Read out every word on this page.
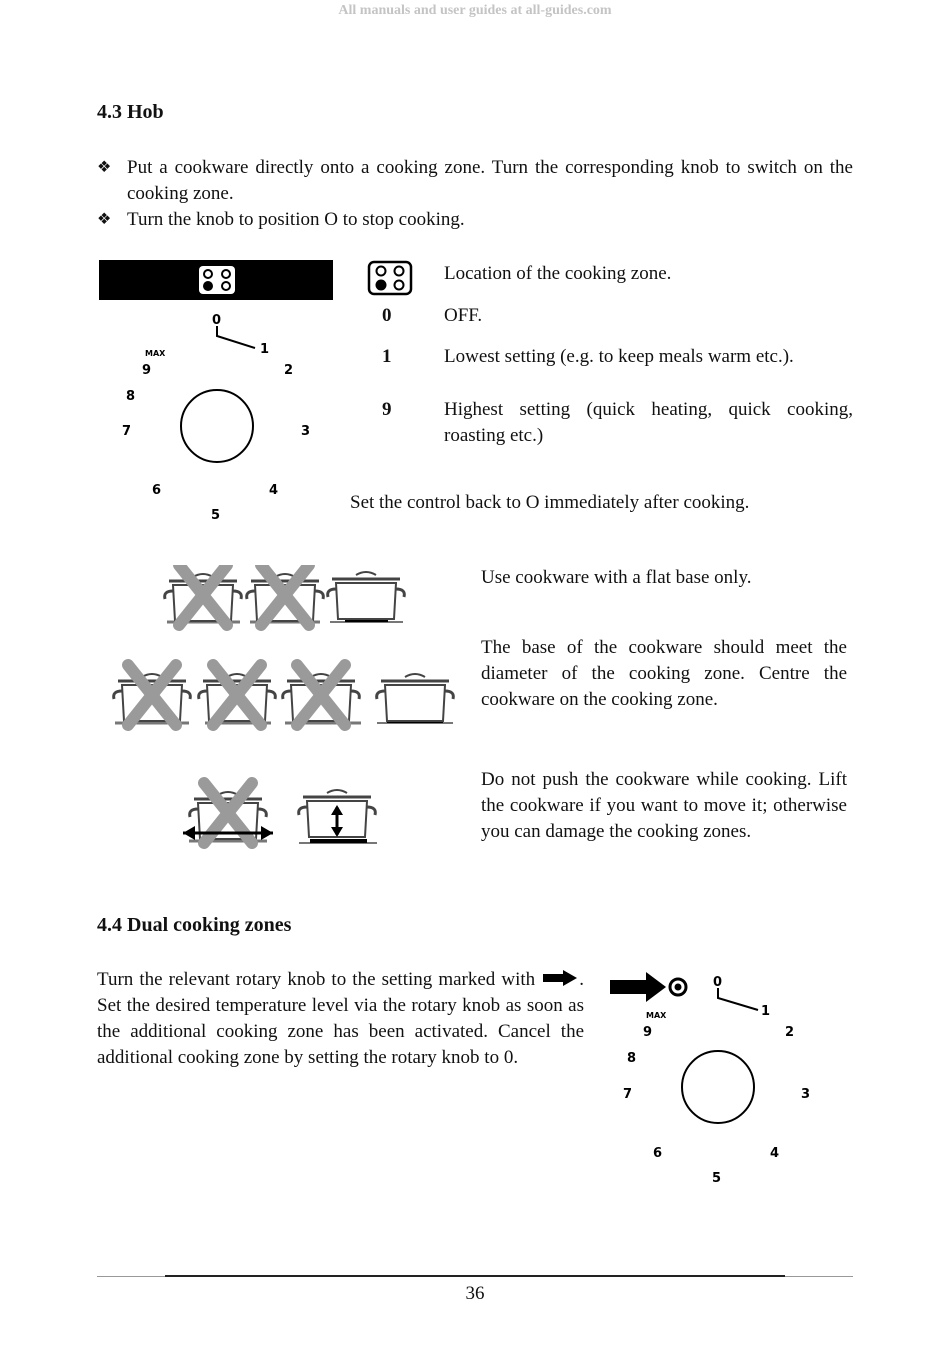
All manuals and user guides at all-guides.com
4.3 Hob
❖ Put a cookware directly onto a cooking zone. Turn the corresponding knob to switch on the cooking zone.
❖ Turn the knob to position O to stop cooking.
0
1
MAX
2
3
4
5
6
7
8
9
Location of the cooking zone.
0	OFF.
1	Lowest setting (e.g. to keep meals warm etc.).
9	Highest setting (quick heating, quick cooking, roasting etc.)
Set the control back to O immediately after cooking.
Use cookware with a flat base only.
The base of the cookware should meet the diameter of the cooking zone. Centre the cookware on the cooking zone.
Do not push the cookware while cooking. Lift the cookware if you want to move it; otherwise you can damage the cooking zones.
4.4 Dual cooking zones
Turn the relevant rotary knob to the setting marked with . Set the desired temperature level via the rotary knob as soon as the additional cooking zone has been activated. Cancel the additional cooking zone by setting the rotary knob to 0.
0
1
MAX
2
3
4
5
6
7
8
9
36
